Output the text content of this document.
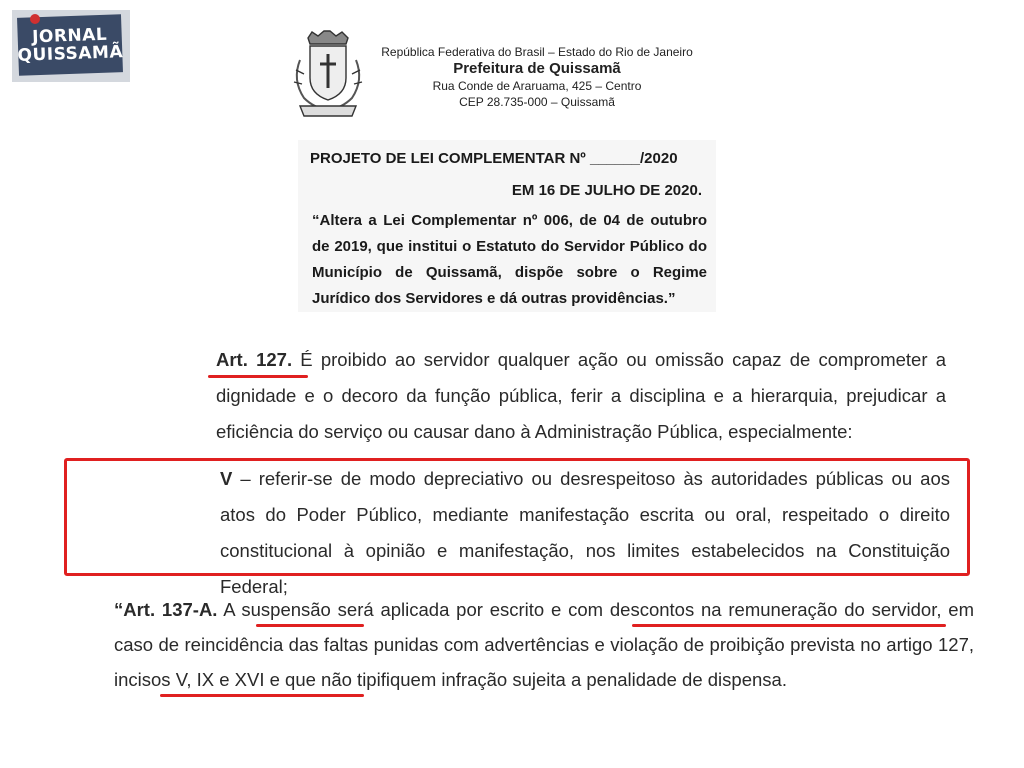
JORNAL
QUISSAMÃ	República Federativa do Brasil – Estado do Rio de Janeiro
Prefeitura de Quissamã
Rua Conde de Araruama, 425 – Centro
CEP 28.735-000 – Quissamã
PROJETO DE LEI COMPLEMENTAR Nº ______/2020
EM 16 DE JULHO DE 2020.
“Altera a Lei Complementar nº 006, de 04 de outubro de 2019, que institui o Estatuto do Servidor Público do Município de Quissamã, dispõe sobre o Regime Jurídico dos Servidores e dá outras providências.”
Art. 127. É proibido ao servidor qualquer ação ou omissão capaz de comprometer a dignidade e o decoro da função pública, ferir a disciplina e a hierarquia, prejudicar a eficiência do serviço ou causar dano à Administração Pública, especialmente:
V – referir-se de modo depreciativo ou desrespeitoso às autoridades públicas ou aos atos do Poder Público, mediante manifestação escrita ou oral, respeitado o direito constitucional à opinião e manifestação, nos limites estabelecidos na Constituição Federal;
“Art. 137-A. A suspensão será aplicada por escrito e com descontos na remuneração do servidor, em caso de reincidência das faltas punidas com advertências e violação de proibição prevista no artigo 127, incisos V, IX e XVI e que não tipifiquem infração sujeita a penalidade de dispensa.
